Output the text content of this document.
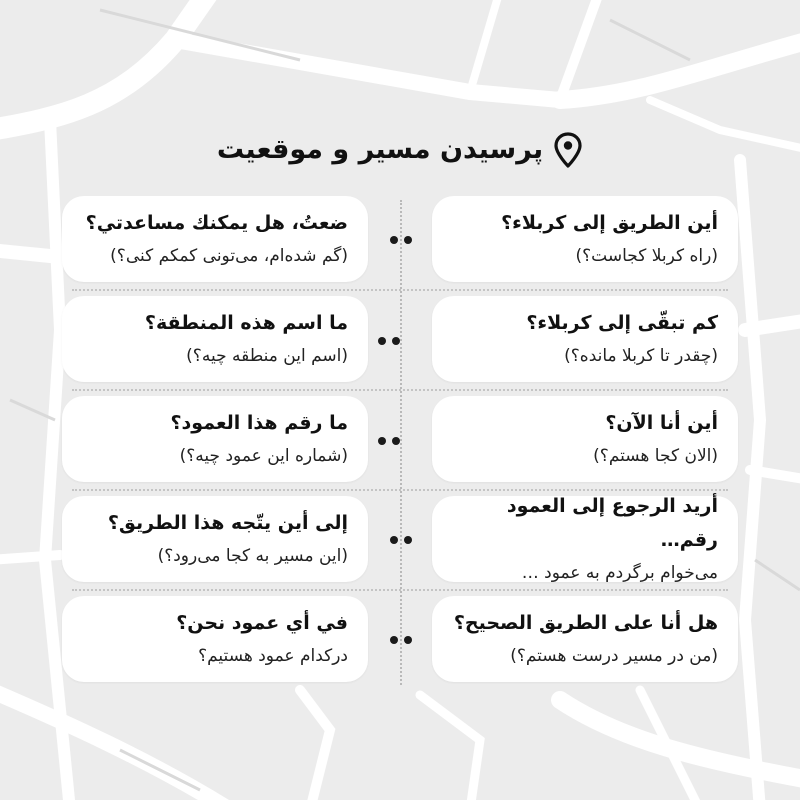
پرسیدن مسیر و موقعیت
أين الطريق إلى كربلاء؟
(راه کربلا کجاست؟)
ضعتُ، هل يمكنك مساعدتي؟
(گم شده‌ام، می‌تونی کمکم کنی؟)
كم تبقّى إلى كربلاء؟
(چقدر تا کربلا مانده؟)
ما اسم هذه المنطقة؟
(اسم این منطقه چیه؟)
أين أنا الآن؟
(الان کجا هستم؟)
ما رقم هذا العمود؟
(شماره این عمود چیه؟)
أريد الرجوع إلى العمود رقم…
می‌خوام برگردم به عمود …
إلى أين يتّجه هذا الطريق؟
(این مسیر به کجا می‌رود؟)
هل أنا على الطريق الصحيح؟
(من در مسیر درست هستم؟)
في أي عمود نحن؟
درکدام عمود هستیم؟
